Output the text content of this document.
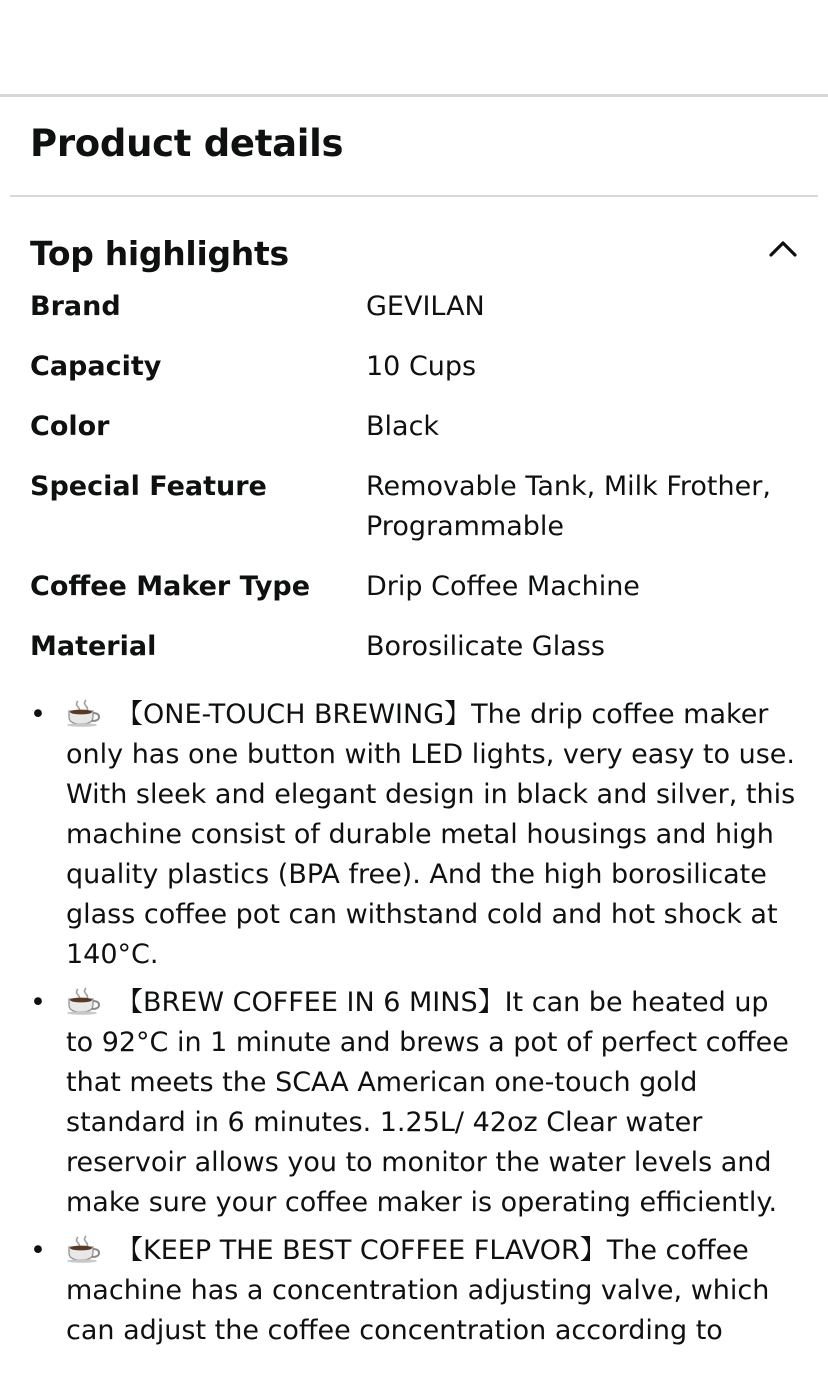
Product details
Top highlights
Brand	GEVILAN
Capacity	10 Cups
Color	Black
Special Feature	Removable Tank, Milk Frother, Programmable
Coffee Maker Type	Drip Coffee Machine
Material	Borosilicate Glass
•	【ONE-TOUCH BREWING】The drip coffee maker only has one button with LED lights, very easy to use. With sleek and elegant design in black and silver, this machine consist of durable metal housings and high quality plastics (BPA free). And the high borosilicate glass coffee pot can withstand cold and hot shock at 140°C.
•	【BREW COFFEE IN 6 MINS】It can be heated up to 92°C in 1 minute and brews a pot of perfect coffee that meets the SCAA American one-touch gold standard in 6 minutes. 1.25L/ 42oz Clear water reservoir allows you to monitor the water levels and make sure your coffee maker is operating efficiently.
•	【KEEP THE BEST COFFEE FLAVOR】The coffee machine has a concentration adjusting valve, which can adjust the coffee concentration according to
